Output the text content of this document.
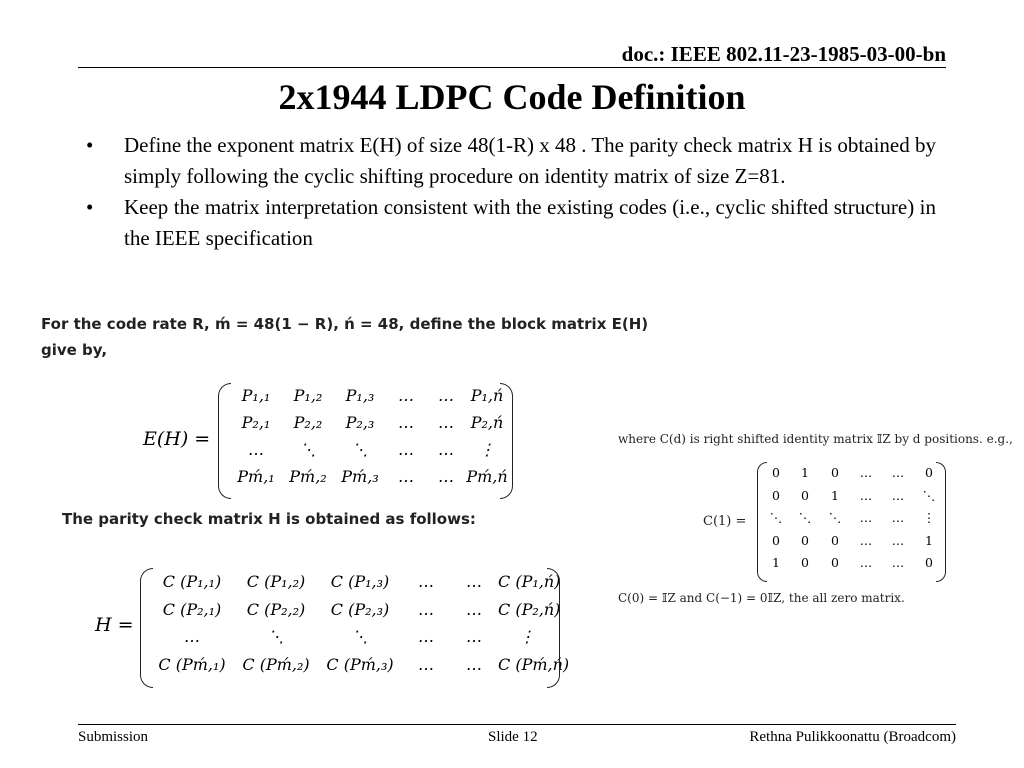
doc.: IEEE 802.11-23-1985-03-00-bn
2x1944 LDPC Code Definition
• Define the exponent matrix E(H) of size 48(1-R) x 48 . The parity check matrix H is obtained by simply following the cyclic shifting procedure on identity matrix of size Z=81.
• Keep the matrix interpretation consistent with the existing codes (i.e., cyclic shifted structure) in the IEEE specification
For the code rate R, ḿ = 48(1 − R), ń = 48, define the block matrix E(H)
give by,
E(H) =
P₁,₁	P₁,₂	P₁,₃	…	…	P₁,ń
P₂,₁	P₂,₂	P₂,₃	…	…	P₂,ń
…	⋱	⋱	…	…	⋮
Pḿ,₁ Pḿ,₂ Pḿ,₃	…	… Pḿ,ń
The parity check matrix H is obtained as follows:
H =
C (P₁,₁)	C (P₁,₂)	C (P₁,₃)	…	…	C (P₁,ń)
C (P₂,₁)	C (P₂,₂)	C (P₂,₃)	…	…	C (P₂,ń)
…	⋱	⋱	…	…	⋮
C (Pḿ,₁)	C (Pḿ,₂)	C (Pḿ,₃)	…	…	C (Pḿ,ń)
where C(d) is right shifted identity matrix 𝕀Z by d positions. e.g.,
C(1) =
0	1	0	…	…	0
0	0	1	…	…	⋱
⋱	⋱	⋱	…	…	⋮
0	0	0	…	…	1
1	0	0	…	…	0
C(0) = 𝕀Z and C(−1) = 0𝕀Z, the all zero matrix.
Submission	Slide 12	Rethna Pulikkoonattu (Broadcom)
